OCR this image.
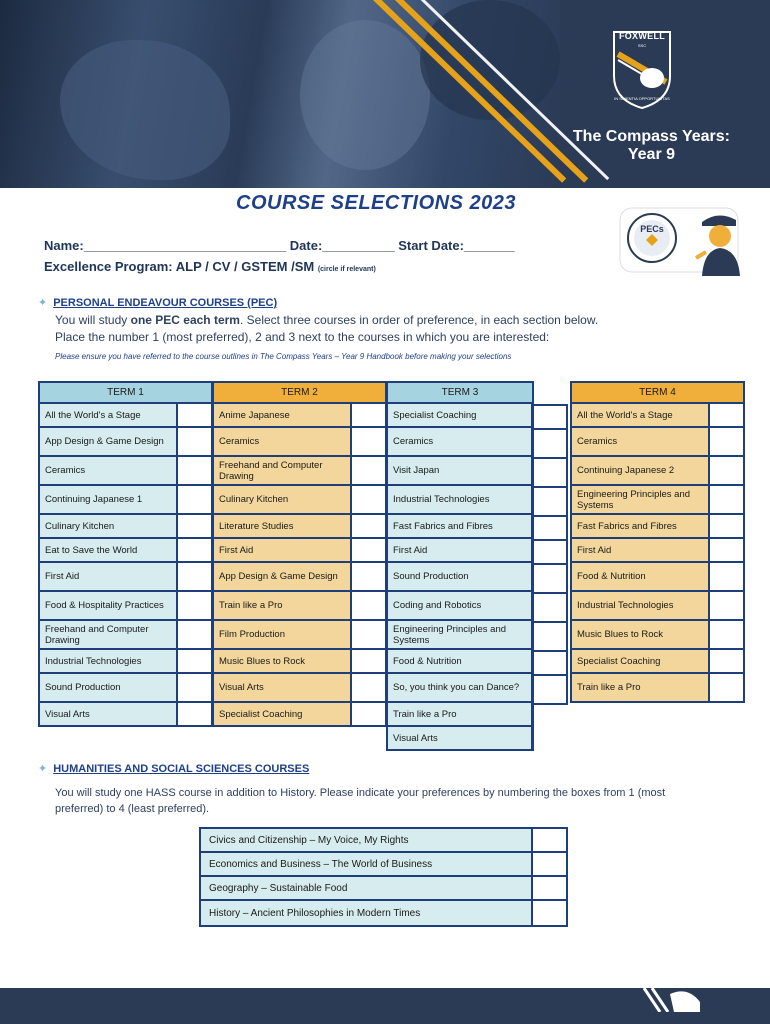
FOXWELL
SSC
IN SCIENTIA OPPORTUNITAS
The Compass Years:
Year 9
COURSE SELECTIONS 2023
PECs
Name:____________________________ Date:__________ Start Date:_______
Excellence Program: ALP / CV / GSTEM /SM (circle if relevant)
✦ PERSONAL ENDEAVOUR COURSES (PEC)
You will study one PEC each term. Select three courses in order of preference, in each section below.
Place the number 1 (most preferred), 2 and 3 next to the courses in which you are interested:
Please ensure you have referred to the course outlines in The Compass Years – Year 9 Handbook before making your selections
TERM 1
All the World's a Stage
App Design & Game Design
Ceramics
Continuing Japanese 1
Culinary Kitchen
Eat to Save the World
First Aid
Food & Hospitality Practices
Freehand and Computer Drawing
Industrial Technologies
Sound Production
Visual Arts
TERM 2
Anime Japanese
Ceramics
Freehand and Computer Drawing
Culinary Kitchen
Literature Studies
First Aid
App Design & Game Design
Train like a Pro
Film Production
Music Blues to Rock
Visual Arts
Specialist Coaching
TERM 3
Specialist Coaching
Ceramics
Visit Japan
Industrial Technologies
Fast Fabrics and Fibres
First Aid
Sound Production
Coding and Robotics
Engineering Principles and Systems
Food & Nutrition
So, you think you can Dance?
Train like a Pro
Visual Arts
TERM 4
All the World's a Stage
Ceramics
Continuing Japanese 2
Engineering Principles and Systems
Fast Fabrics and Fibres
First Aid
Food & Nutrition
Industrial Technologies
Music Blues to Rock
Specialist Coaching
Train like a Pro
✦ HUMANITIES AND SOCIAL SCIENCES COURSES
You will study one HASS course in addition to History. Please indicate your preferences by numbering the boxes from 1 (most preferred) to 4 (least preferred).
Civics and Citizenship – My Voice, My Rights
Economics and Business – The World of Business
Geography – Sustainable Food
History – Ancient Philosophies in Modern Times
